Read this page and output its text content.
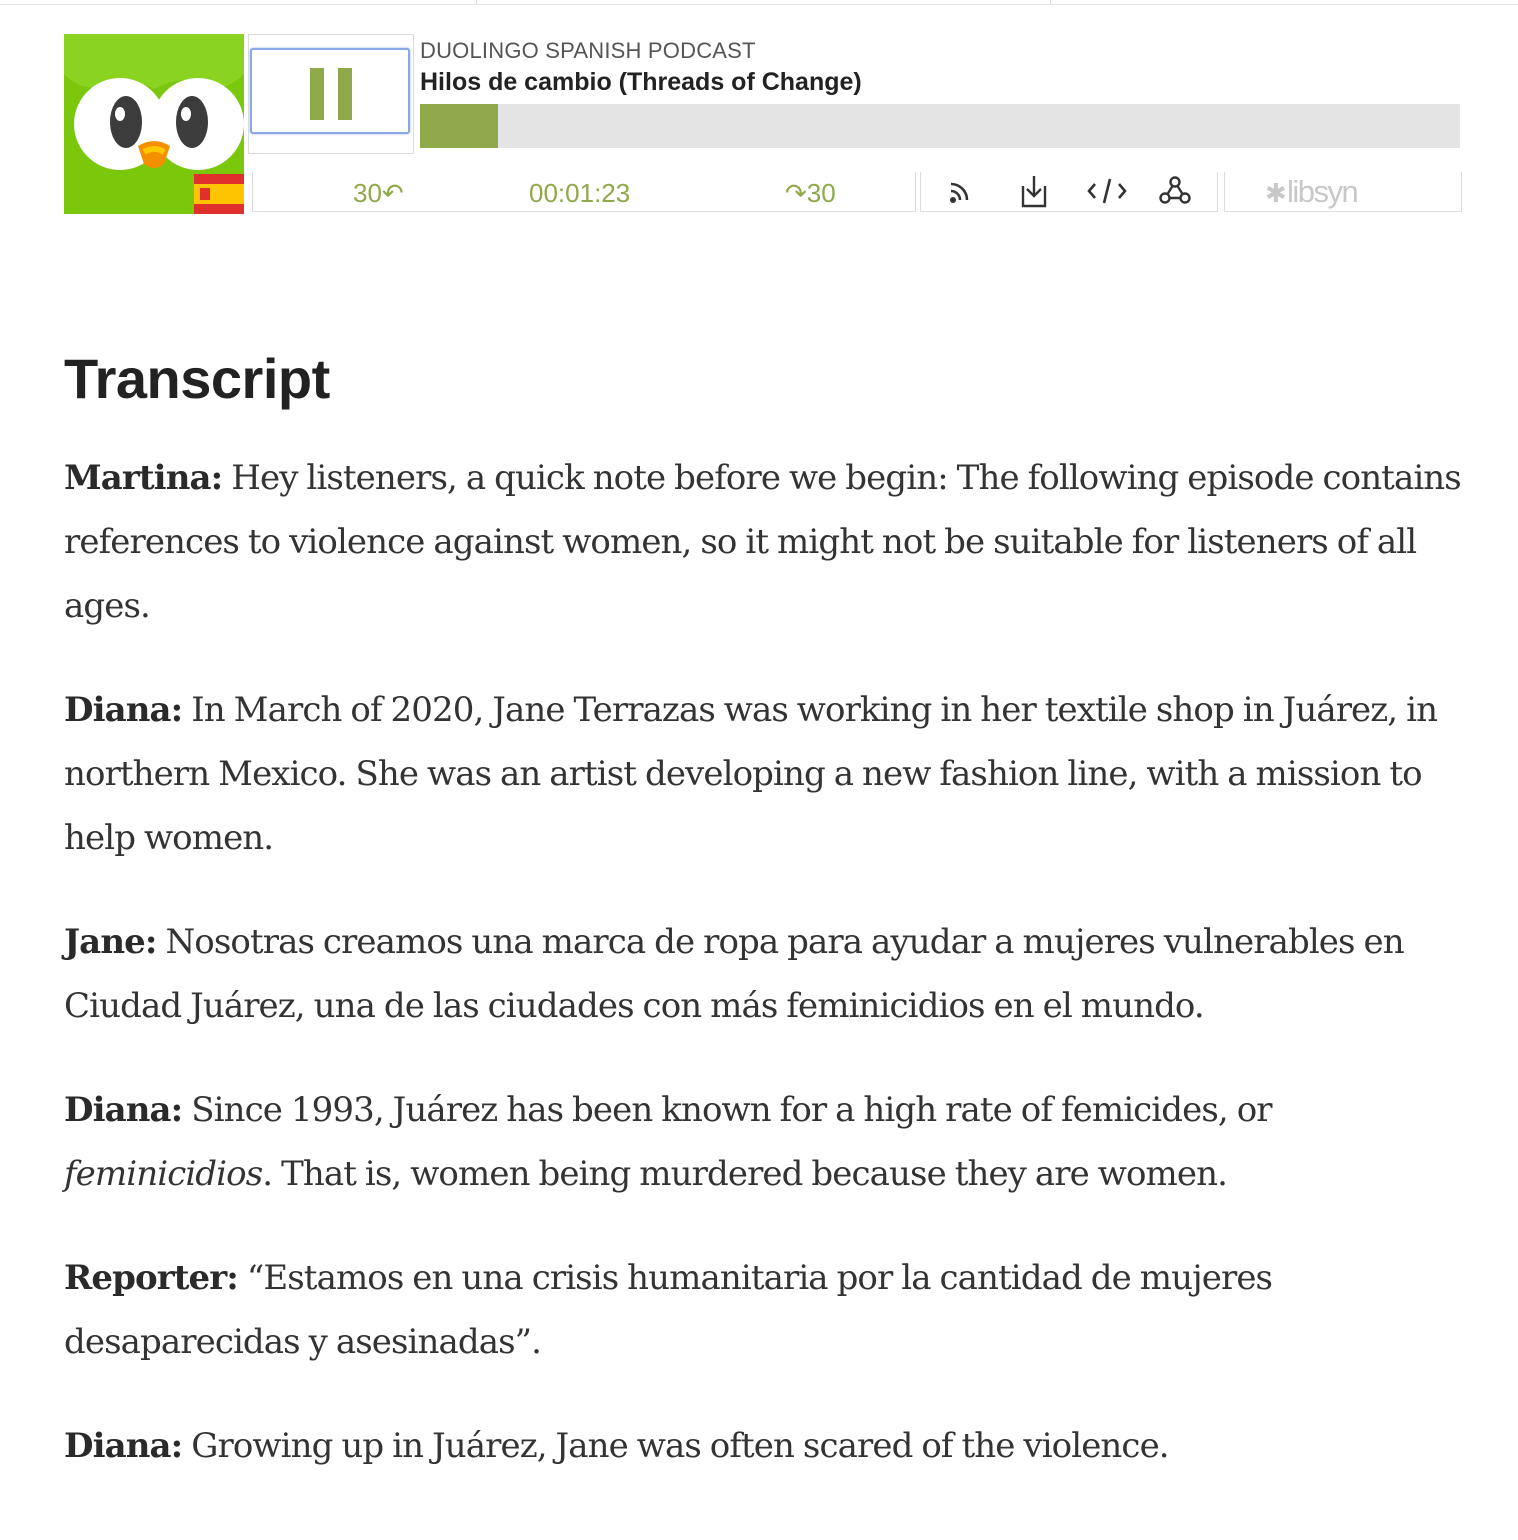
DUOLINGO SPANISH PODCAST
Hilos de cambio (Threads of Change)
30↶	00:01:23	↷30	✱ libsyn
Transcript

Martina: Hey listeners, a quick note before we begin: The following episode contains references to violence against women, so it might not be suitable for listeners of all ages.

Diana: In March of 2020, Jane Terrazas was working in her textile shop in Juárez, in northern Mexico. She was an artist developing a new fashion line, with a mission to help women.

Jane: Nosotras creamos una marca de ropa para ayudar a mujeres vulnerables en Ciudad Juárez, una de las ciudades con más feminicidios en el mundo.

Diana: Since 1993, Juárez has been known for a high rate of femicides, or feminicidios. That is, women being murdered because they are women.

Reporter: “Estamos en una crisis humanitaria por la cantidad de mujeres desaparecidas y asesinadas”.

Diana: Growing up in Juárez, Jane was often scared of the violence.
